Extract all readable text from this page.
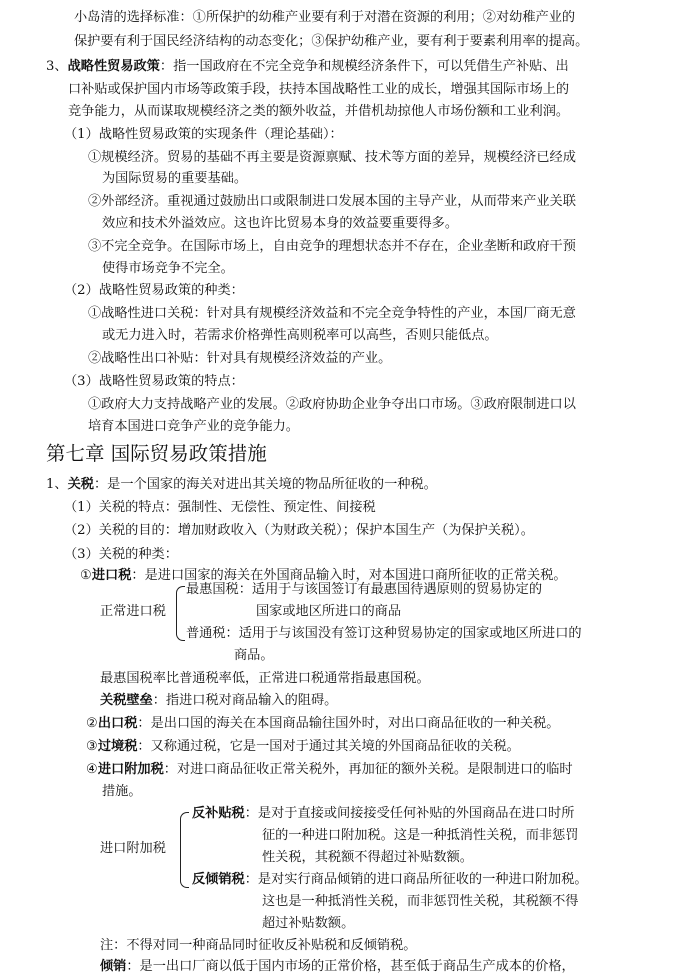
小岛清的选择标准：①所保护的幼稚产业要有利于对潜在资源的利用；②对幼稚产业的
保护要有利于国民经济结构的动态变化；③保护幼稚产业，要有利于要素利用率的提高。
3、战略性贸易政策：指一国政府在不完全竞争和规模经济条件下，可以凭借生产补贴、出
口补贴或保护国内市场等政策手段，扶持本国战略性工业的成长，增强其国际市场上的
竞争能力，从而谋取规模经济之类的额外收益，并借机劫掠他人市场份额和工业利润。
（1）战略性贸易政策的实现条件（理论基础）：
①规模经济。贸易的基础不再主要是资源禀赋、技术等方面的差异，规模经济已经成
为国际贸易的重要基础。
②外部经济。重视通过鼓励出口或限制进口发展本国的主导产业，从而带来产业关联
效应和技术外溢效应。这也许比贸易本身的效益要重要得多。
③不完全竞争。在国际市场上，自由竞争的理想状态并不存在，企业垄断和政府干预
使得市场竞争不完全。
（2）战略性贸易政策的种类：
①战略性进口关税：针对具有规模经济效益和不完全竞争特性的产业，本国厂商无意
或无力进入时，若需求价格弹性高则税率可以高些，否则只能低点。
②战略性出口补贴：针对具有规模经济效益的产业。
（3）战略性贸易政策的特点：
①政府大力支持战略产业的发展。②政府协助企业争夺出口市场。③政府限制进口以
培育本国进口竞争产业的竞争能力。
第七章 国际贸易政策措施
1、关税：是一个国家的海关对进出其关境的物品所征收的一种税。
（1）关税的特点：强制性、无偿性、预定性、间接税
（2）关税的目的：增加财政收入（为财政关税）；保护本国生产（为保护关税）。
（3）关税的种类：
①进口税：是进口国家的海关在外国商品输入时，对本国进口商所征收的正常关税。
正常进口税
最惠国税：适用于与该国签订有最惠国待遇原则的贸易协定的
国家或地区所进口的商品
普通税：适用于与该国没有签订这种贸易协定的国家或地区所进口的
商品。
最惠国税率比普通税率低，正常进口税通常指最惠国税。
关税壁垒：指进口税对商品输入的阻碍。
②出口税：是出口国的海关在本国商品输往国外时，对出口商品征收的一种关税。
③过境税：又称通过税，它是一国对于通过其关境的外国商品征收的关税。
④进口附加税：对进口商品征收正常关税外，再加征的额外关税。是限制进口的临时
措施。
进口附加税
反补贴税：是对于直接或间接接受任何补贴的外国商品在进口时所
征的一种进口附加税。这是一种抵消性关税，而非惩罚
性关税，其税额不得超过补贴数额。
反倾销税：是对实行商品倾销的进口商品所征收的一种进口附加税。
这也是一种抵消性关税，而非惩罚性关税，其税额不得
超过补贴数额。
注：不得对同一种商品同时征收反补贴税和反倾销税。
倾销：是一出口厂商以低于国内市场的正常价格，甚至低于商品生产成本的价格，
